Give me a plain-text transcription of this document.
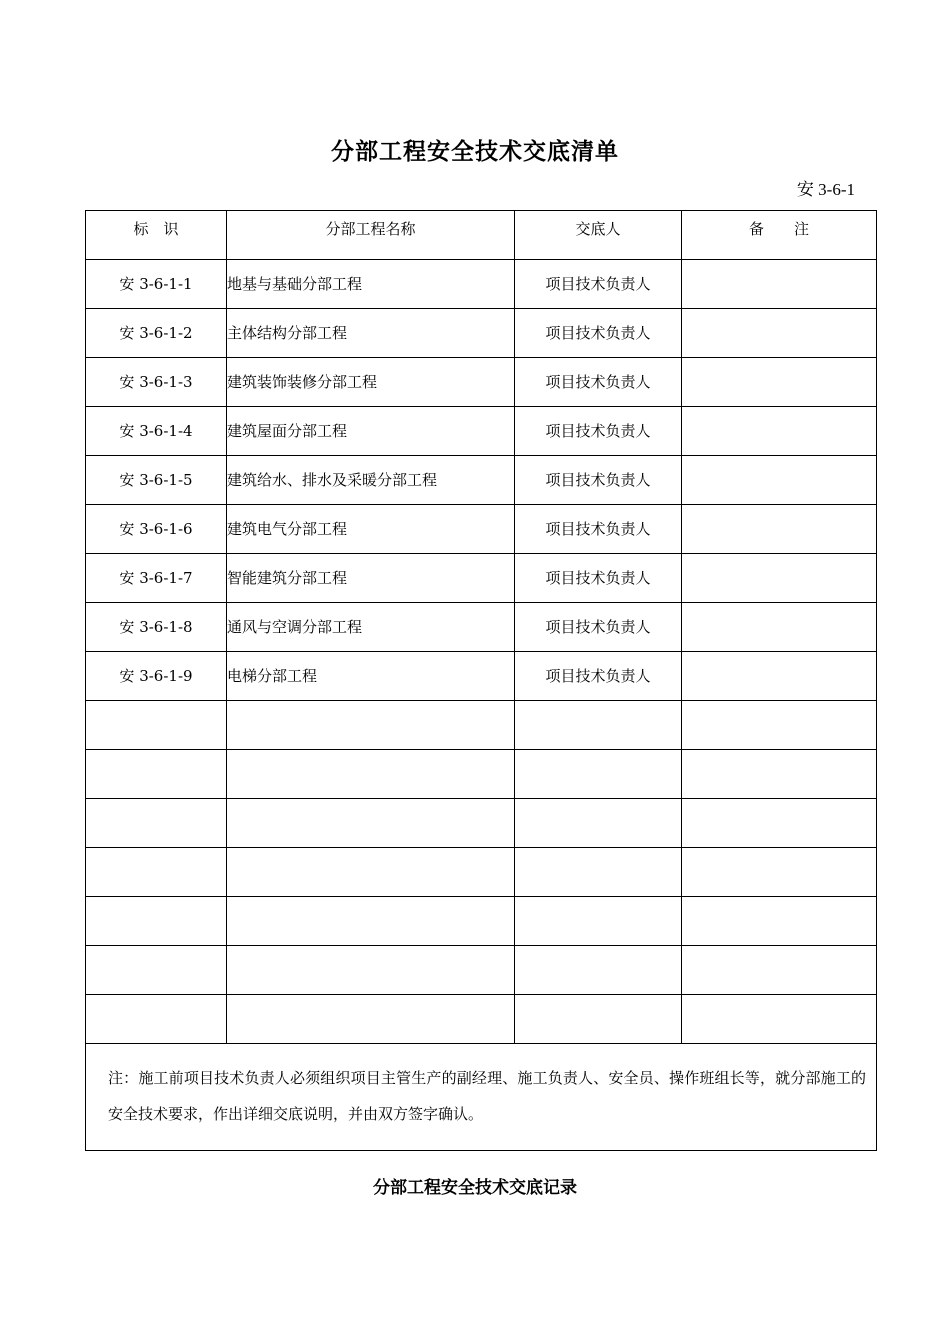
分部工程安全技术交底清单
安 3-6-1
标　识	分部工程名称	交底人	备　　注
安 3-6-1-1	地基与基础分部工程	项目技术负责人	
安 3-6-1-2	主体结构分部工程	项目技术负责人	
安 3-6-1-3	建筑装饰装修分部工程	项目技术负责人	
安 3-6-1-4	建筑屋面分部工程	项目技术负责人	
安 3-6-1-5	建筑给水、排水及采暖分部工程	项目技术负责人	
安 3-6-1-6	建筑电气分部工程	项目技术负责人	
安 3-6-1-7	智能建筑分部工程	项目技术负责人	
安 3-6-1-8	通风与空调分部工程	项目技术负责人	
安 3-6-1-9	电梯分部工程	项目技术负责人	

注：施工前项目技术负责人必须组织项目主管生产的副经理、施工负责人、安全员、操作班组长等，就分部施工的安全技术要求，作出详细交底说明，并由双方签字确认。			
分部工程安全技术交底记录
